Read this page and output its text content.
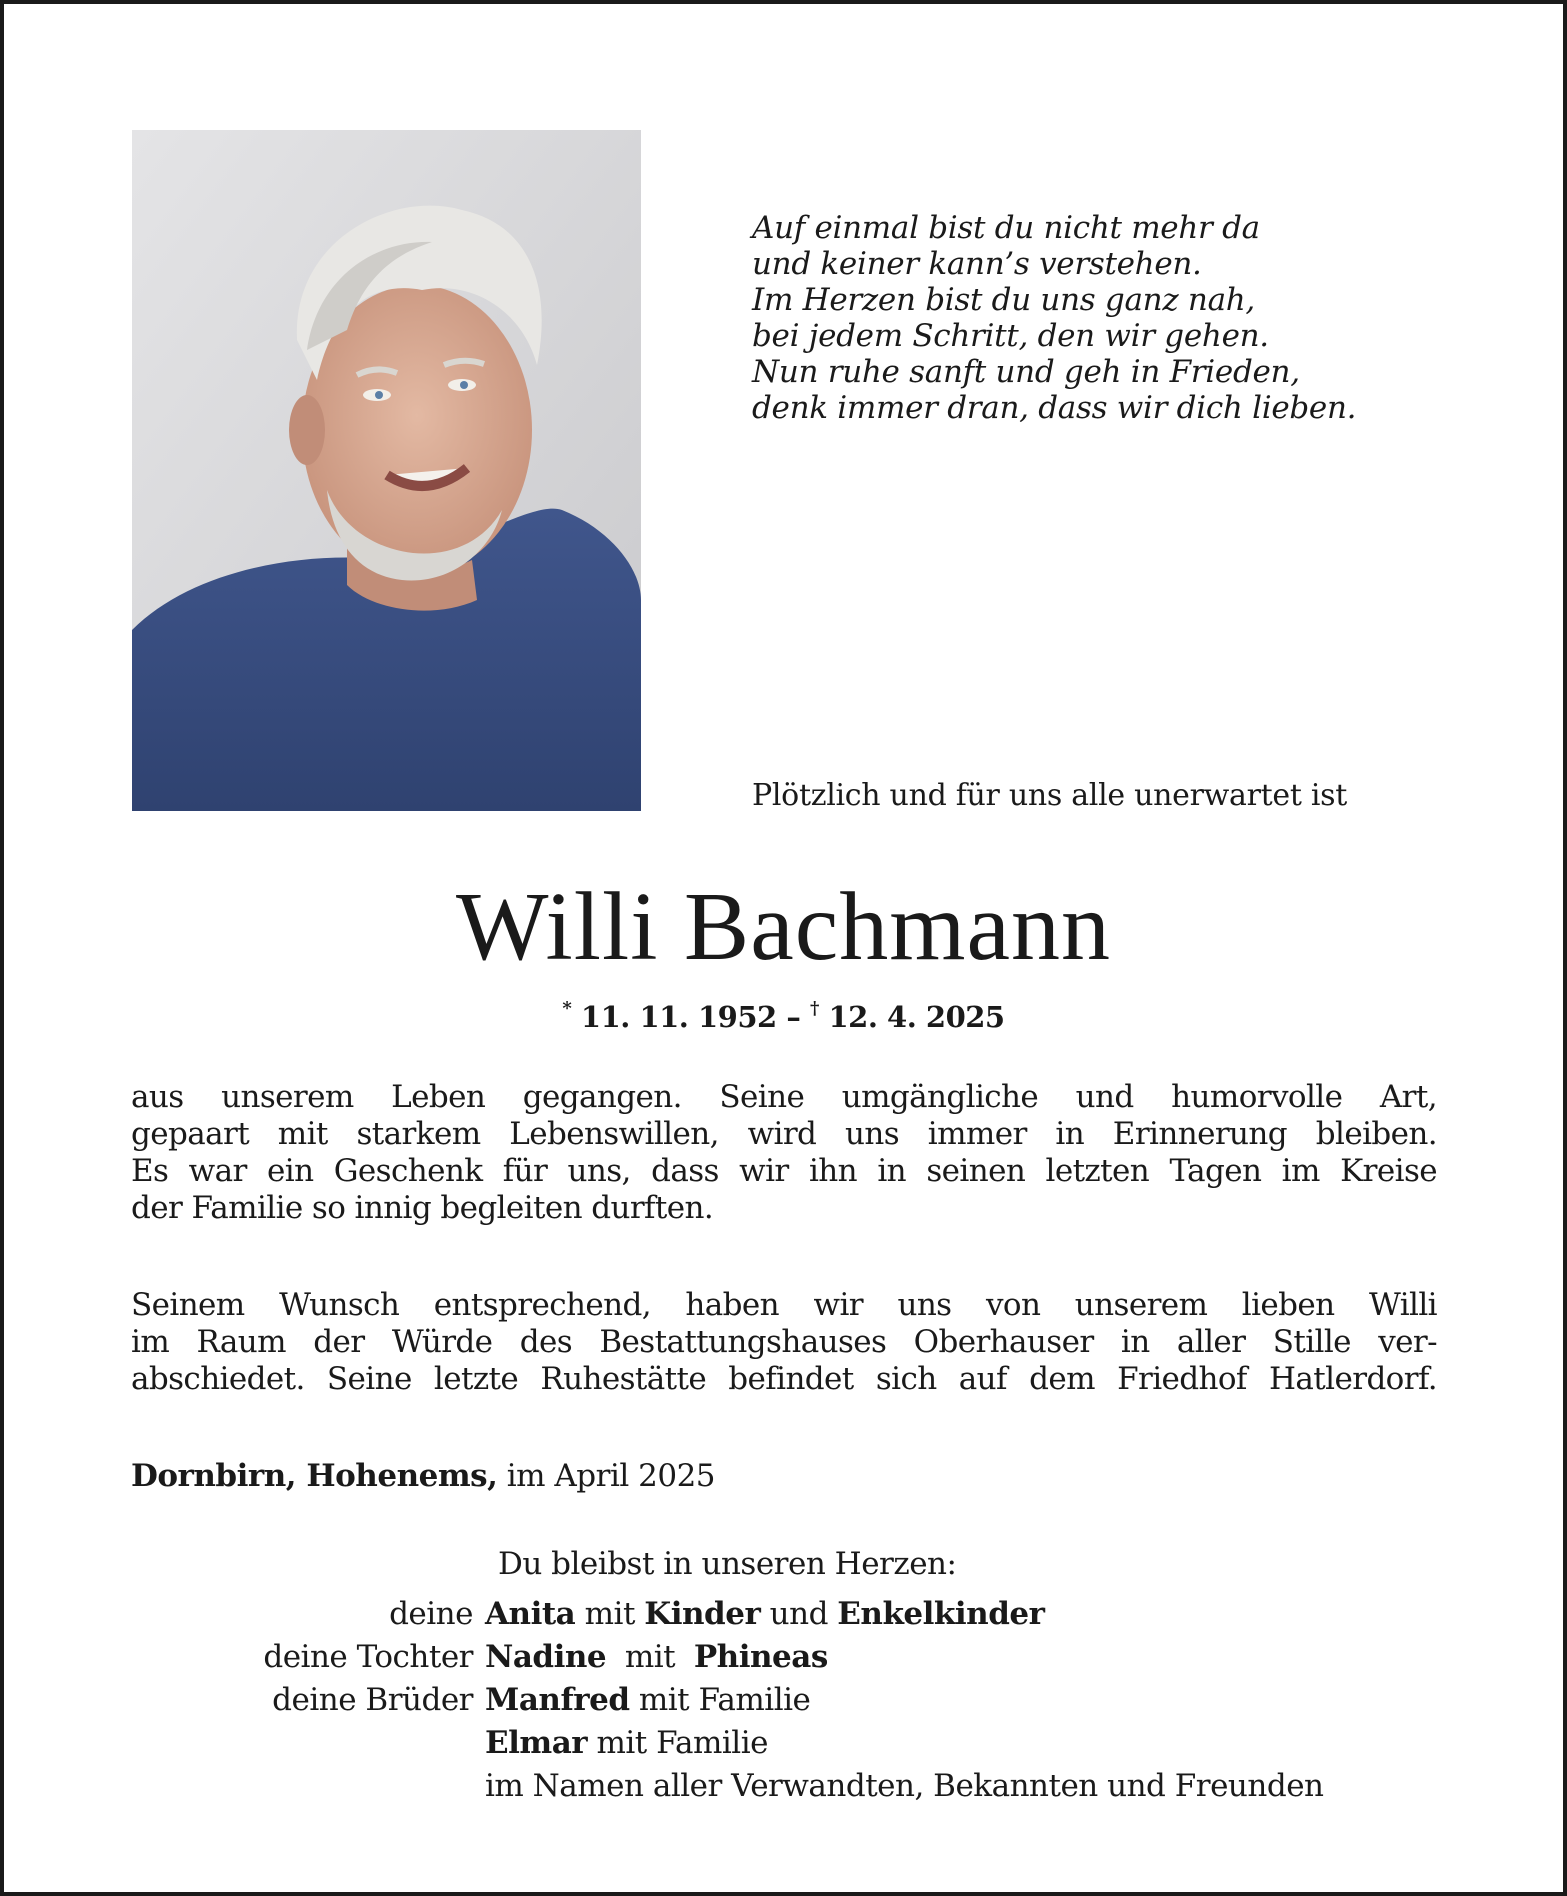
Auf einmal bist du nicht mehr da
und keiner kann’s verstehen.
Im Herzen bist du uns ganz nah,
bei jedem Schritt, den wir gehen.
Nun ruhe sanft und geh in Frieden,
denk immer dran, dass wir dich lieben.
Plötzlich und für uns alle unerwartet ist
Willi Bachmann
* 11. 11. 1952 – † 12. 4. 2025
aus unserem Leben gegangen. Seine umgängliche und humorvolle Art,
gepaart mit starkem Lebenswillen, wird uns immer in Erinnerung bleiben.
Es war ein Geschenk für uns, dass wir ihn in seinen letzten Tagen im Kreise
der Familie so innig begleiten durften.
Seinem Wunsch entsprechend, haben wir uns von unserem lieben Willi
im Raum der Würde des Bestattungshauses Oberhauser in aller Stille ver-
abschiedet. Seine letzte Ruhestätte befindet sich auf dem Friedhof Hatlerdorf.
Dornbirn, Hohenems, im April 2025
Du bleibst in unseren Herzen:
deine Anita mit Kinder und Enkelkinder
deine Tochter Nadine mit Phineas
deine Brüder Manfred mit Familie
Elmar mit Familie
im Namen aller Verwandten, Bekannten und Freunden
